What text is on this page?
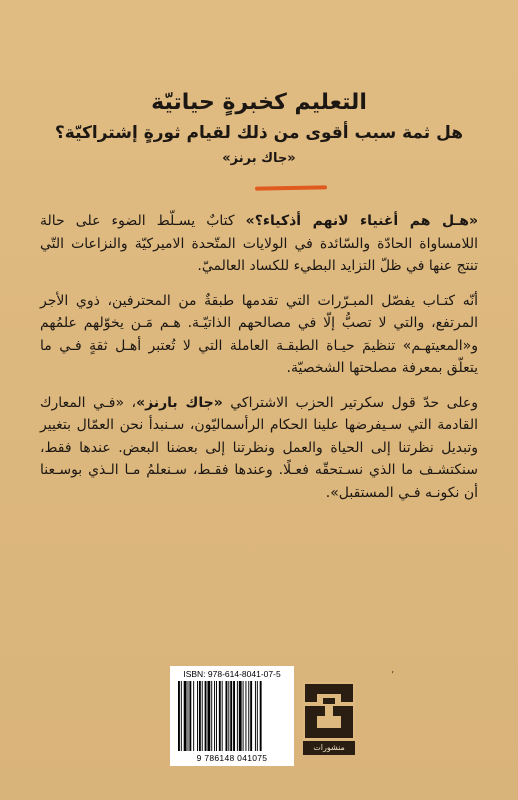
التعليم كخبرةٍ حياتيّة
هل ثمة سبب أقوى من ذلك لقيام ثورةٍ إشتراكيّة؟
«جاك برنز»

«هـل هم أغنياء لانهم أذكياء؟» كتابٌ يسـلّط الضوء على حالة اللامساواة الحادّة والسّائدة في الولايات المتّحدة الاميركيّة والنزاعات التّي تنتج عنها في ظلّ التزايد البطيء للكساد العالميّ.

أنّه كتـاب يفصّل المبـرّرات التي تقدمها طبقةٌ من المحترفين، ذوي الأجر المرتفع، والتي لا تصبُّ إلّا في مصالحهم الذاتيّـة. هـم مَـن يخوّلهم علمُهم و«المعيتهـم» تنظيمَ حيـاة الطبقـة العاملة التي لا تُعتبر أهـل ثقةٍ فـي ما يتعلّق بمعرفة مصلحتها الشخصيّة.

وعلى حدّ قول سكرتير الحزب الاشتراكي «جاك بارنز»، «فـي المعارك القادمة التي سـيفرضها علينا الحكام الرأسماليّون، سـنبدأ نحن العمّال بتغيير وتبديل نظرتنا إلى الحياة والعمل ونظرتنا إلى بعضنا البعض. عندها فقط، سنكتشـف ما الذي نسـتحقّه فعـلًا. وعندها فقـط، سـنعلمُ مـا الـذي بوسـعنا أن نكونـه فـي المستقبل».

ISBN: 978-614-8041-07-5
9 786148 041075
منشورات
’
